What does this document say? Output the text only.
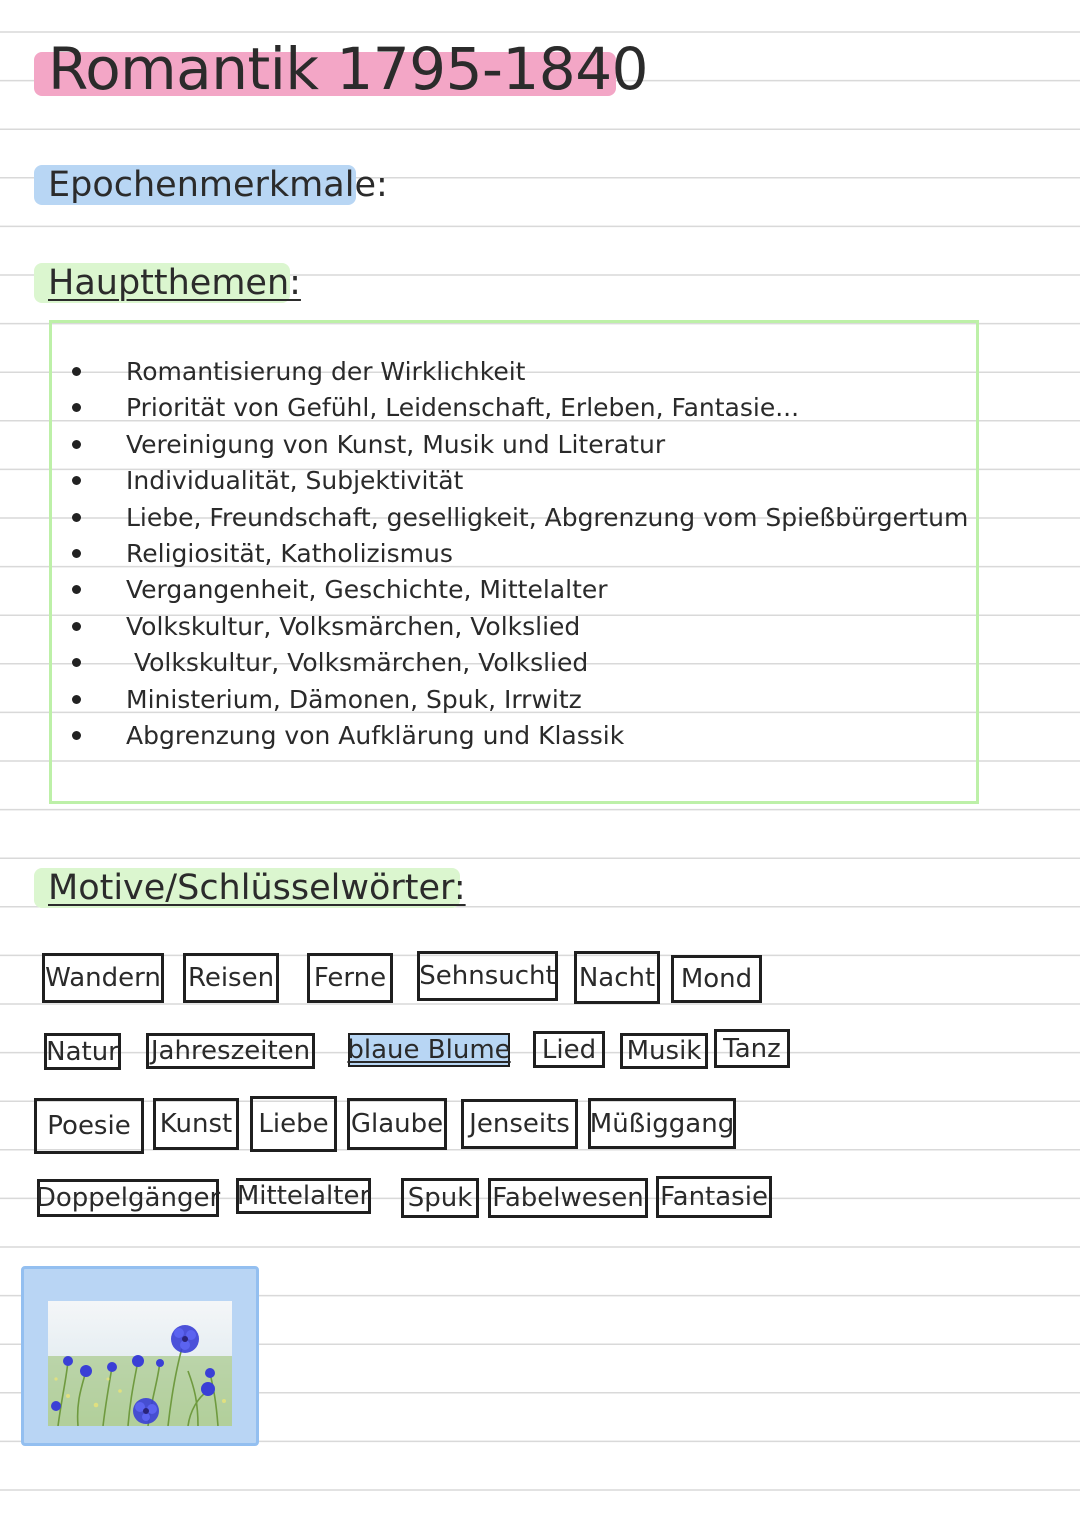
Romantik 1795-1840
Epochenmerkmale:
Hauptthemen:
Romantisierung der Wirklichkeit
Priorität von Gefühl, Leidenschaft, Erleben, Fantasie...
Vereinigung von Kunst, Musik und Literatur
Individualität, Subjektivität
Liebe, Freundschaft, geselligkeit, Abgrenzung vom Spießbürgertum
Religiosität, Katholizismus
Vergangenheit, Geschichte, Mittelalter
Volkskultur, Volksmärchen, Volkslied
Volkskultur, Volksmärchen, Volkslied
Ministerium, Dämonen, Spuk, Irrwitz
Abgrenzung von Aufklärung und Klassik
Motive/Schlüsselwörter:
Wandern Reisen Ferne Sehnsucht Nacht Mond
Natur Jahreszeiten blaue Blume	Lied	Musik Tanz
Poesie	Kunst	Liebe Glaube	Jenseits Müßiggang
Doppelgänger Mittelalter Spuk Fabelwesen Fantasie
